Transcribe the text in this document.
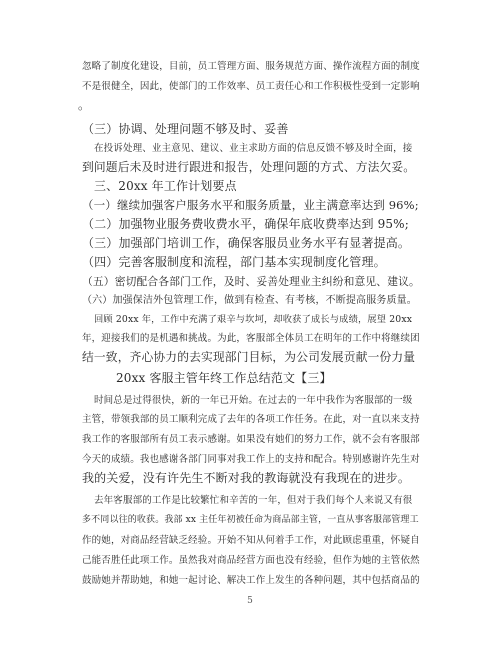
忽略了制度化建设，目前，员工管理方面、服务规范方面、操作流程方面的制度
不是很健全，因此，使部门的工作效率、员工责任心和工作积极性受到一定影响
。
（三）协调、处理问题不够及时、妥善
在投诉处理、业主意见、建议、业主求助方面的信息反馈不够及时全面，接
到问题后未及时进行跟进和报告，处理问题的方式、方法欠妥。
三、20xx 年工作计划要点
（一）继续加强客户服务水平和服务质量，业主满意率达到 96%;
（二）加强物业服务费收费水平，确保年底收费率达到 95%;
（三）加强部门培训工作，确保客服员业务水平有显著提高。
（四）完善客服制度和流程，部门基本实现制度化管理。
（五）密切配合各部门工作，及时、妥善处理业主纠纷和意见、建议。
（六）加强保洁外包管理工作，做到有检查、有考核，不断提高服务质量。
回顾 20xx 年，工作中充满了艰辛与坎坷，却收获了成长与成绩，展望 20xx
年，迎接我们的是机遇和挑战。为此，客服部全体员工在明年的工作中将继续团
结一致，齐心协力的去实现部门目标，为公司发展贡献一份力量
20xx 客服主管年终工作总结范文【三】
时间总是过得很快，新的一年已开始。在过去的一年中我作为客服部的一级
主管，带领我部的员工顺利完成了去年的各项工作任务。在此，对一直以来支持
我工作的客服部所有员工表示感谢。如果没有她们的努力工作，就不会有客服部
今天的成绩。我也感谢各部门同事对我工作上的支持和配合。特别感谢许先生对
我的关爱，没有许先生不断对我的教诲就没有我现在的进步。
去年客服部的工作是比较繁忙和辛苦的一年，但对于我们每个人来说又有很
多不同以往的收获。我部 xx 主任年初被任命为商品部主管，一直从事客服部管理工
作的她，对商品经营缺乏经验。开始不知从何着手工作，对此顾虑重重，怀疑自
己能否胜任此项工作。虽然我对商品经营方面也没有经验，但作为她的主管依然
鼓励她并帮助她，和她一起讨论、解决工作上发生的各种问题，其中包括商品的
5
